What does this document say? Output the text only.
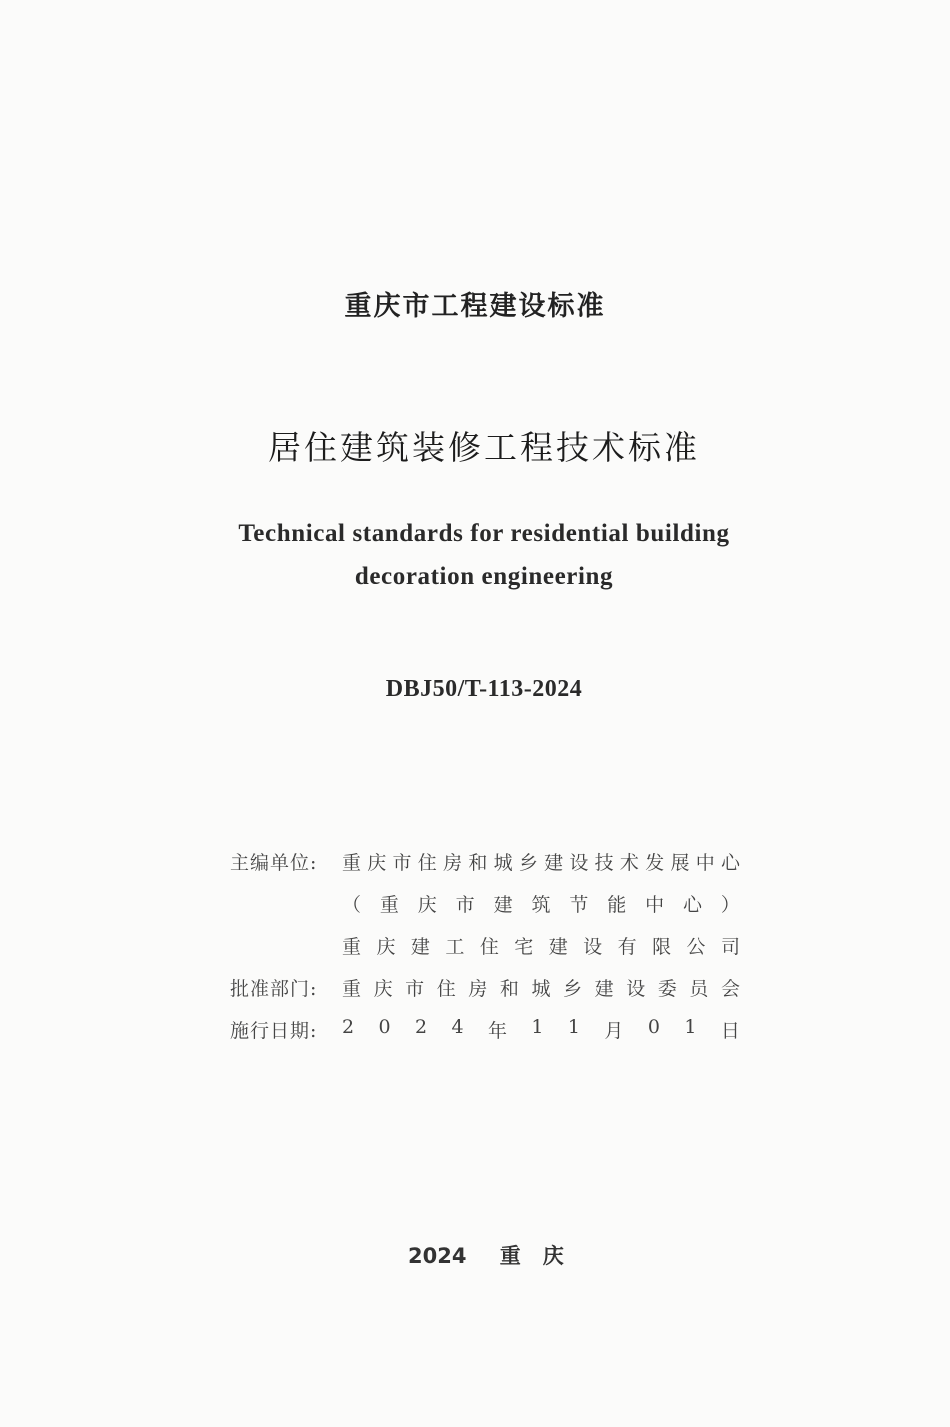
重庆市工程建设标准
居住建筑装修工程技术标准
Technical standards for residential building
decoration engineering
DBJ50/T-113-2024
主编单位:	重庆市住房和城乡建设技术发展中心
（ 重 庆 市 建 筑 节 能 中 心 ）
重 庆 建 工 住 宅 建 设 有 限 公 司
批准部门:	重 庆 市 住 房 和 城 乡 建 设 委 员 会
施行日期:	2 0 2 4 年 1 1 月 0 1 日
2024 重庆
